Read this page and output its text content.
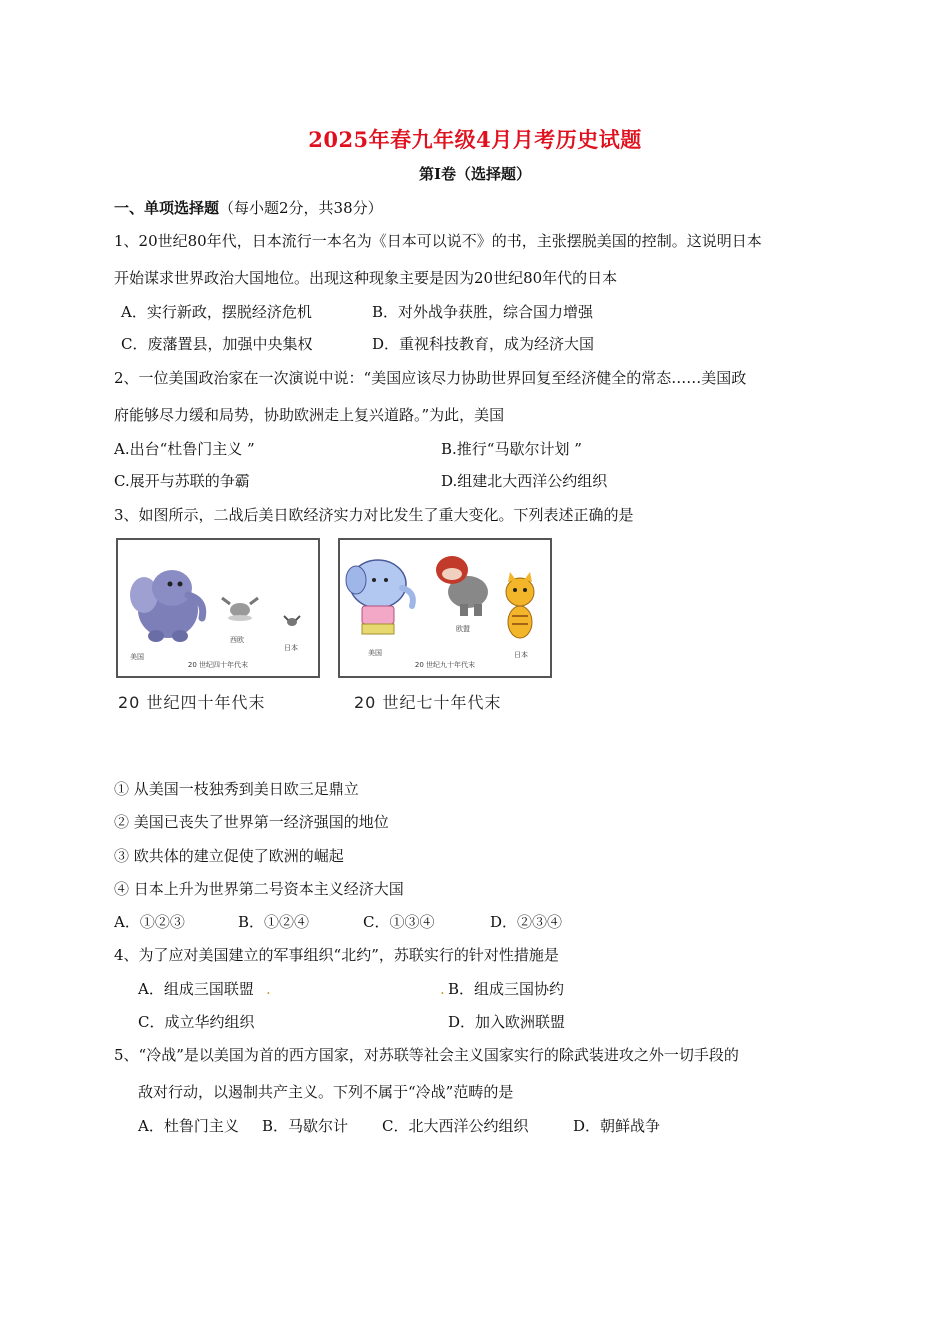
2025年春九年级4月月考历史试题
第Ⅰ卷（选择题）
一、单项选择题（每小题2分，共38分）
1、20世纪80年代，日本流行一本名为《日本可以说不》的书，主张摆脱美国的控制。这说明日本
开始谋求世界政治大国地位。出现这种现象主要是因为20世纪80年代的日本
A．实行新政，摆脱经济危机	B．对外战争获胜，综合国力增强
C．废藩置县，加强中央集权	D．重视科技教育，成为经济大国
2、一位美国政治家在一次演说中说：“美国应该尽力协助世界回复至经济健全的常态……美国政
府能够尽力缓和局势，协助欧洲走上复兴道路。”为此，美国
A.出台“杜鲁门主义 ”	B.推行“马歇尔计划 ”
C.展开与苏联的争霸	D.组建北大西洋公约组织
3、如图所示，二战后美日欧经济实力对比发生了重大变化。下列表述正确的是
美国
西欧
日本
20 世纪四十年代末
美国
欧盟
日本
20 世纪九十年代末
20 世纪四十年代末	20 世纪七十年代末
① 从美国一枝独秀到美日欧三足鼎立
② 美国已丧失了世界第一经济强国的地位
③ 欧共体的建立促使了欧洲的崛起
④ 日本上升为世界第二号资本主义经济大国
A．①②③	B．①②④	C．①③④	D．②③④
4、为了应对美国建立的军事组织“北约”，苏联实行的针对性措施是
A．组成三国联盟 .	. B．组成三国协约
C．成立华约组织	D．加入欧洲联盟
5、“冷战”是以美国为首的西方国家，对苏联等社会主义国家实行的除武装进攻之外一切手段的
敌对行动，以遏制共产主义。下列不属于“冷战”范畴的是
A．杜鲁门主义 B．马歇尔计 C．北大西洋公约组织	D．朝鲜战争
